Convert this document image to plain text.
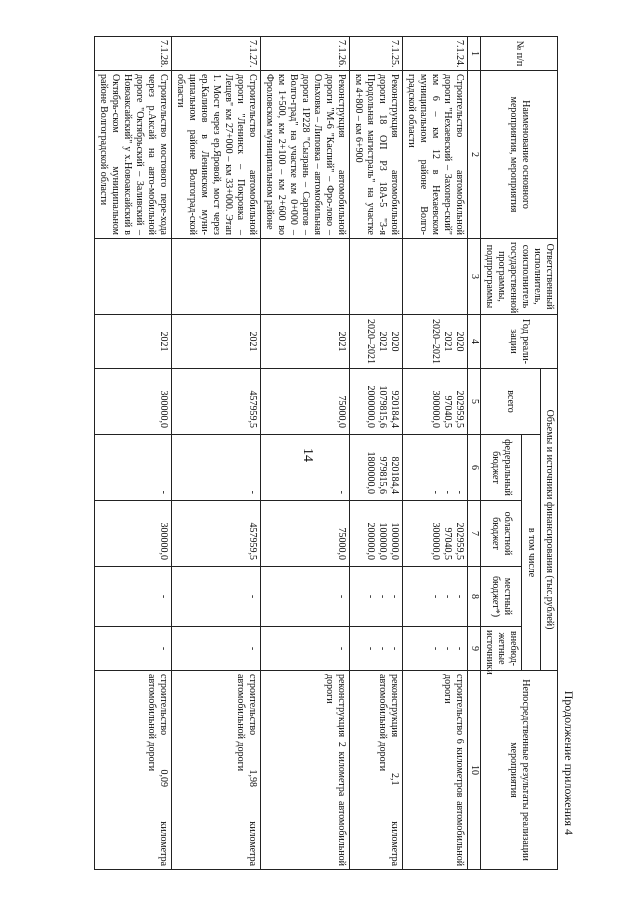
14
Продолжение приложения 4
№ п/п	Наименование основного мероприятия, мероприятия	Ответственный исполнитель, соисполнитель государственной программы, подпрограммы	Год реали-зации	Объемы и источники финансирования (тыс.рублей)					Непосредственные результаты реализации мероприятия
				всего	в том числе				
					федеральный бюджет	областной бюджет	местный бюджет*)	внебюд-жетные источники	
1	2	3	4	5	6	7	8	9	10
7.1.24.	Строительство автомобильной дороги "Нехаевский – Захопер-ский" км 6 – км 12 в Нехаевском муниципальном районе Волго-градской области		2020
2021
2020–2021	202959,5
97040,5
300000,0	-
-
-	202959,5
97040,5
300000,0	-
-
-	-
-
-	строительство 6 километров автомобильной дороги
7.1.25.	Реконструкция автомобильной дороги 18 ОП РЗ 18А-5 "3-я Продольная магистраль" на участке км 4+800 – км 6+900		2020
2021
2020–2021	920184,4
1079815,6
2000000,0	820184,4
979815,6
1800000,0	100000,0
100000,0
200000,0	-
-
-	-
-
-	реконструкция 2,1 километра автомобильной дороги
7.1.26.	Реконструкция автомобильной дороги "М-6 "Каспий" – Фро-лово – Ольховка – Липовка – автомобильная дорога 1Р228 "Сызрань – Саратов – Волго-град" на участке км 0+000 – км 1+500, км 2+100 – км 2+600 во Фроловском муниципальном районе		2021	75000,0	-	75000,0	-	-	реконструкция 2 километра автомобильной дороги
7.1.27.	Строительство автомобильной дороги "Ленинск – Покровка – Лещев" км 27+000 – км 33+000. Этап 1. Мост через ер.Яровой, мост через ер.Калинов в Ленинском муни-ципальном районе Волгоград-ской области		2021	457959,5	-	457959,5	-	-	строительство 1,98 километра автомобильной дороги
7.1.28.	Строительство мостового пере-хода через р.Аксай на авто-мобильной дороге "Октябрьский – Заливский – Новоаксайский" у х.Новоаксайский в Октябрь-ском муниципальном районе Волгоградской области		2021	300000,0	-	300000,0	-	-	строительство 0,09 километра автомобильной дороги
